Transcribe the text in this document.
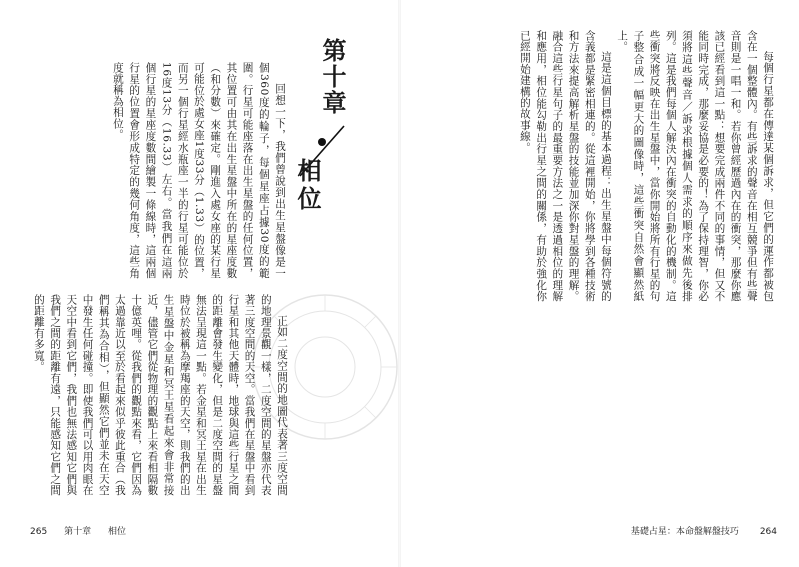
第十章
相位

回想一下，我們曾說到出生星盤像是一個360度的輪子，每個星座占據30度的範圍。行星可能座落在出生星盤的任何位置，其位置可由其在出生星盤中所在的星座度數（和分數）來確定。剛進入處女座的某行星可能位於處女座1度33分（1.33）的位置，而另一個行星經水瓶座一半的行星可能位於16度13分（16.33）左右。當我們在這兩個行星的星座度數間繪製一條線時，這兩個行星的位置會形成特定的幾何角度，這些角度就稱為相位。

正如二度空間的地圖代表著三度空間的地理景觀一樣，二度空間的星盤亦代表著三度空間的天空。當我們在星盤中看到行星和其他天體時，地球與這些行星之間的距離會發生變化，但是二度空間的星盤無法呈現這一點。若金星和冥王星在出生時位於被稱為摩羯座的天空，則我們的出生星盤中金星和冥王星看起來會非常接近，儘管它們從物理的觀點上來看相隔數十億英哩。從我們的觀點來看，它們因為太過靠近以至於看起來似乎彼此重合（我們稱其為合相），但顯然它們並未在天空中發生任何碰撞。即使我們可以用肉眼在天空中看到它們，我們也無法感知它們與我們之間的距離有遠，只能感知它們之間的距離有多寬。

265 第十章 相位

每個行星都在傳達某個訴求，但它們的運作都被包含在一個整體內。有些訴求的聲音在相互競爭但有些聲音則是一唱一和。若你曾經歷過內在的衝突，那麼你應該已經看到這一點：想要完成兩件不同的事情，但又不能同時完成，那麼妥協是必要的！為了保持理智，你必須將這些聲音／訴求根據個人需求的順序來做先後排列。這是我們每個人解決內在衝突的自動化的機制。這些衝突將反映在出生星盤中，當你開始將所有行星的句子整合成一幅更大的圖像時，這些衝突自然會顯然紙上。

這是這個目標的基本過程：出生星盤中每個符號的含義都是緊密相連的。從這裡開始，你將學到各種技術和方法來提高解析星盤的技能並加深你對星盤的理解。融合這些行星句子的最重要方法之一是透過相位的理解和應用，相位能勾勒出行星之間的關係，有助於強化你已經開始建構的故事線。

基礎占星：本命盤解盤技巧 264
